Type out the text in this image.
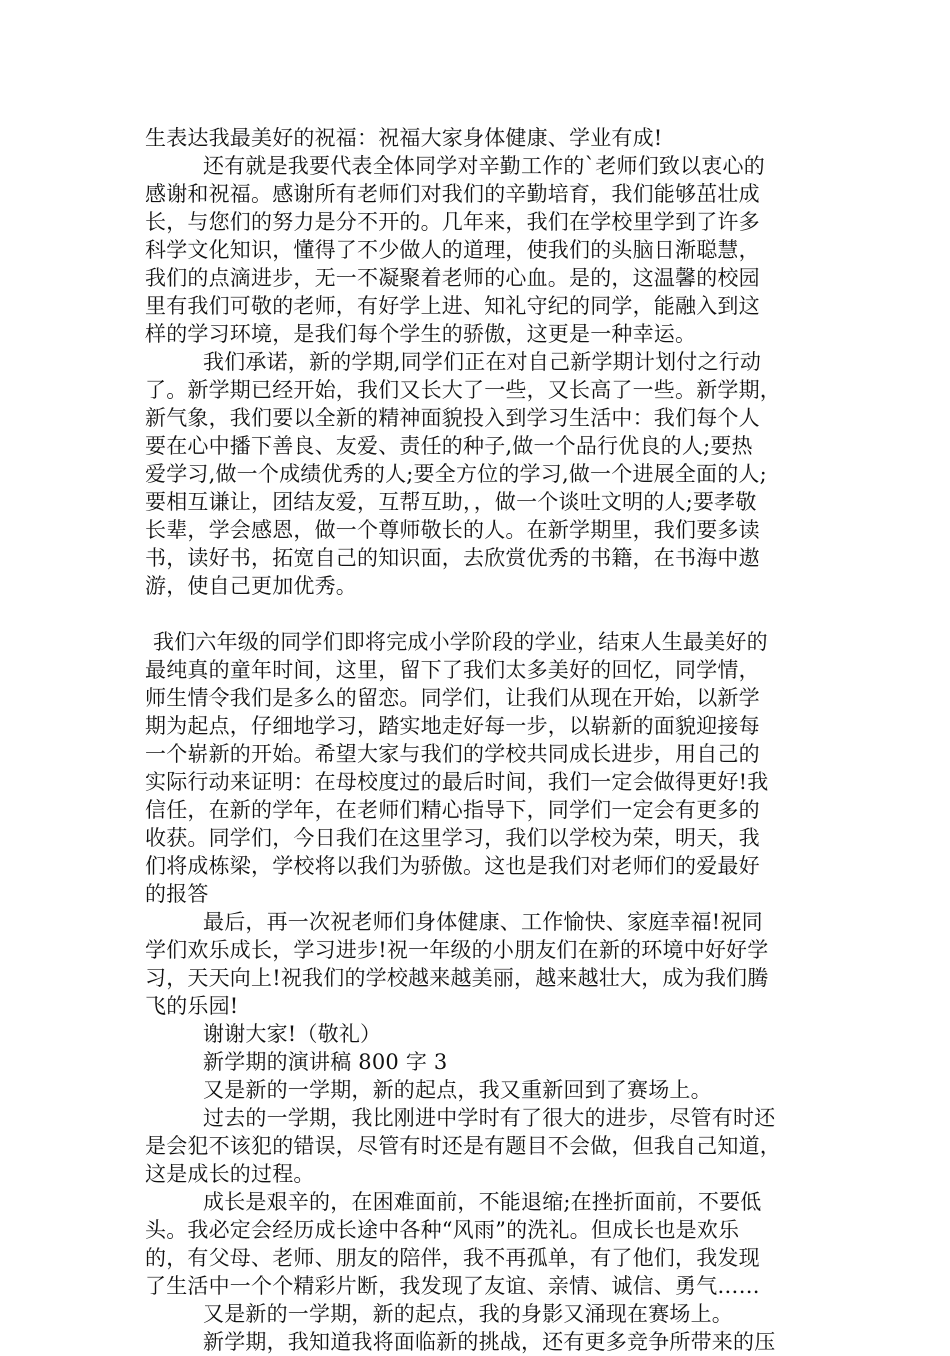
生表达我最美好的祝福：祝福大家身体健康、学业有成!
还有就是我要代表全体同学对辛勤工作的`老师们致以衷心的
感谢和祝福。感谢所有老师们对我们的辛勤培育，我们能够茁壮成
长，与您们的努力是分不开的。几年来，我们在学校里学到了许多
科学文化知识，懂得了不少做人的道理，使我们的头脑日渐聪慧，
我们的点滴进步，无一不凝聚着老师的心血。是的，这温馨的校园
里有我们可敬的老师，有好学上进、知礼守纪的同学，能融入到这
样的学习环境，是我们每个学生的骄傲，这更是一种幸运。
我们承诺，新的学期,同学们正在对自己新学期计划付之行动
了。新学期已经开始，我们又长大了一些，又长高了一些。新学期，
新气象，我们要以全新的精神面貌投入到学习生活中：我们每个人
要在心中播下善良、友爱、责任的种子,做一个品行优良的人;要热
爱学习,做一个成绩优秀的人;要全方位的学习,做一个进展全面的人;
要相互谦让，团结友爱，互帮互助，，做一个谈吐文明的人;要孝敬
长辈，学会感恩，做一个尊师敬长的人。在新学期里，我们要多读
书，读好书，拓宽自己的知识面，去欣赏优秀的书籍，在书海中遨
游，使自己更加优秀。
我们六年级的同学们即将完成小学阶段的学业，结束人生最美好的
最纯真的童年时间，这里，留下了我们太多美好的回忆，同学情，
师生情令我们是多么的留恋。同学们，让我们从现在开始，以新学
期为起点，仔细地学习，踏实地走好每一步，以崭新的面貌迎接每
一个崭新的开始。希望大家与我们的学校共同成长进步，用自己的
实际行动来证明：在母校度过的最后时间，我们一定会做得更好!我
信任，在新的学年，在老师们精心指导下，同学们一定会有更多的
收获。同学们，今日我们在这里学习，我们以学校为荣，明天，我
们将成栋梁，学校将以我们为骄傲。这也是我们对老师们的爱最好
的报答
最后，再一次祝老师们身体健康、工作愉快、家庭幸福!祝同
学们欢乐成长，学习进步!祝一年级的小朋友们在新的环境中好好学
习，天天向上!祝我们的学校越来越美丽，越来越壮大，成为我们腾
飞的乐园!
谢谢大家!（敬礼）
新学期的演讲稿 800 字 3
又是新的一学期，新的起点，我又重新回到了赛场上。
过去的一学期，我比刚进中学时有了很大的进步，尽管有时还
是会犯不该犯的错误，尽管有时还是有题目不会做，但我自己知道，
这是成长的过程。
成长是艰辛的，在困难面前，不能退缩;在挫折面前，不要低
头。我必定会经历成长途中各种“风雨”的洗礼。但成长也是欢乐
的，有父母、老师、朋友的陪伴，我不再孤单，有了他们，我发现
了生活中一个个精彩片断，我发现了友谊、亲情、诚信、勇气……
又是新的一学期，新的起点，我的身影又涌现在赛场上。
新学期，我知道我将面临新的挑战，还有更多竞争所带来的压
